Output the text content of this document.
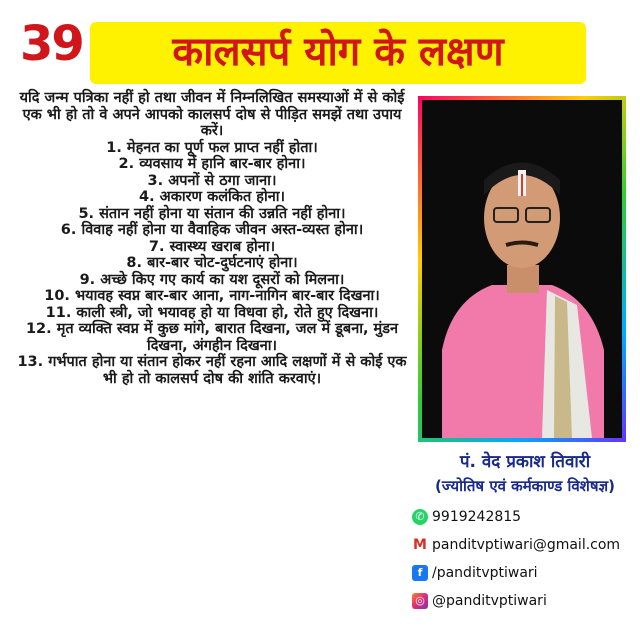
39	कालसर्प योग के लक्षण
यदि जन्म पत्रिका नहीं हो तथा जीवन में निम्नलिखित समस्याओं में से कोई एक भी हो तो वे अपने आपको कालसर्प दोष से पीड़ित समझें तथा उपाय करें।
1. मेहनत का पूर्ण फल प्राप्त नहीं होता।
2. व्यवसाय में हानि बार-बार होना।
3. अपनों से ठगा जाना।
4. अकारण कलंकित होना।
5. संतान नहीं होना या संतान की उन्नति नहीं होना।
6. विवाह नहीं होना या वैवाहिक जीवन अस्त-व्यस्त होना।
7. स्वास्थ्य खराब होना।
8. बार-बार चोट-दुर्घटनाएं होना।
9. अच्छे किए गए कार्य का यश दूसरों को मिलना।
10. भयावह स्वप्न बार-बार आना, नाग-नागिन बार-बार दिखना।
11. काली स्त्री, जो भयावह हो या विधवा हो, रोते हुए दिखना।
12. मृत व्यक्ति स्वप्न में कुछ मांगे, बारात दिखना, जल में डूबना, मुंडन दिखना, अंगहीन दिखना।
13. गर्भपात होना या संतान होकर नहीं रहना आदि लक्षणों में से कोई एक भी हो तो कालसर्प दोष की शांति करवाएं।
पं. वेद प्रकाश तिवारी
(ज्योतिष एवं कर्मकाण्ड विशेषज्ञ)
✆ 9919242815
M panditvptiwari@gmail.com
f /panditvptiwari
◎ @panditvptiwari
